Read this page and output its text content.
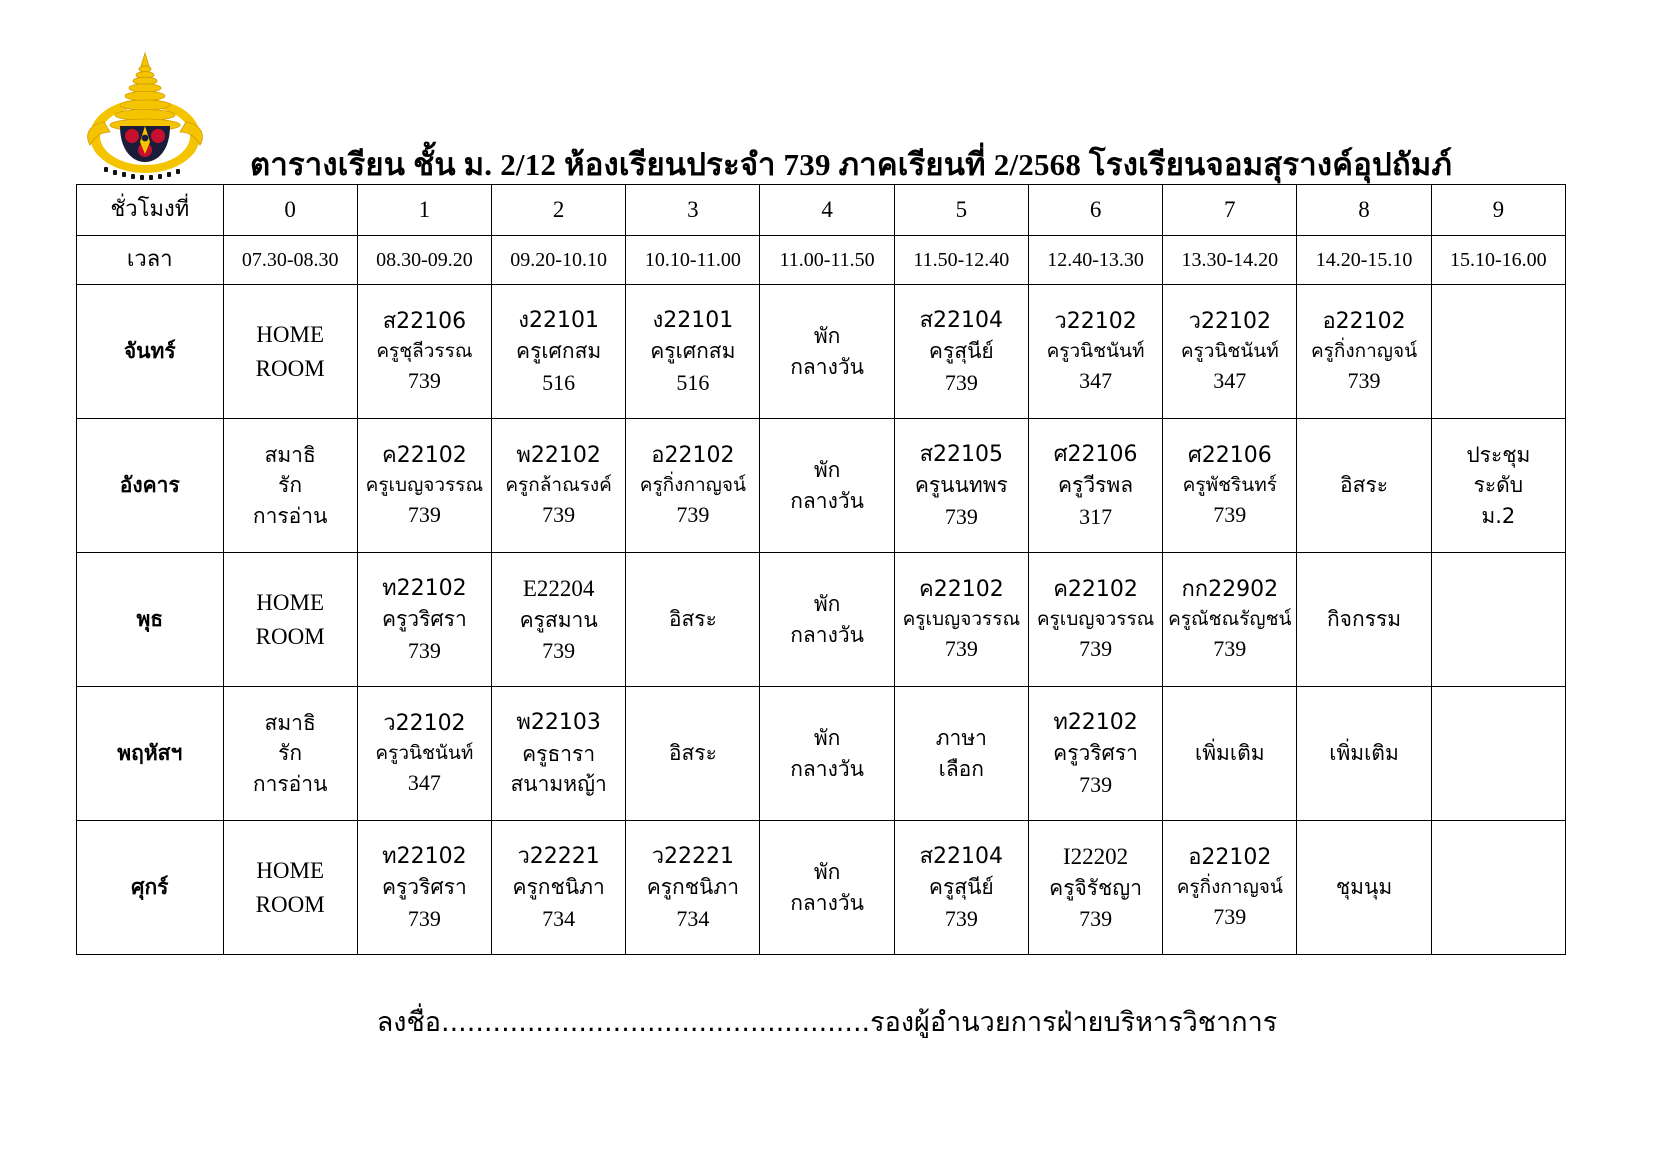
ตารางเรียน ชั้น ม. 2/12 ห้องเรียนประจำ 739 ภาคเรียนที่ 2/2568 โรงเรียนจอมสุรางค์อุปถัมภ์
ชั่วโมงที่	0	1	2	3	4	5	6	7	8	9
เวลา	07.30-08.30	08.30-09.20	09.20-10.10	10.10-11.00	11.00-11.50	11.50-12.40	12.40-13.30	13.30-14.20	14.20-15.10	15.10-16.00
จันทร์	HOME
ROOM	ส22106
ครูชุลีวรรณ
739	ง22101
ครูเศกสม
516	ง22101
ครูเศกสม
516	พัก
กลางวัน	ส22104
ครูสุนีย์
739	ว22102
ครูวนิชนันท์
347	ว22102
ครูวนิชนันท์
347	อ22102
ครูกิ่งกาญจน์
739	

อังคาร	สมาธิ
รัก
การอ่าน	ค22102
ครูเบญจวรรณ
739	พ22102
ครูกล้าณรงค์
739	อ22102
ครูกิ่งกาญจน์
739	พัก
กลางวัน	ส22105
ครูนนทพร
739	ศ22106
ครูวีรพล
317	ศ22106
ครูพัชรินทร์
739	อิสระ	ประชุม
ระดับ
ม.2

พุธ	HOME
ROOM	ท22102
ครูวริศรา
739	E22204
ครูสมาน
739	อิสระ	พัก
กลางวัน	ค22102
ครูเบญจวรรณ
739	ค22102
ครูเบญจวรรณ
739	กก22902
ครูณัชณรัญชน์
739	กิจกรรม	

พฤหัสฯ	สมาธิ
รัก
การอ่าน	ว22102
ครูวนิชนันท์
347	พ22103
ครูธารา
สนามหญ้า	อิสระ	พัก
กลางวัน	ภาษา
เลือก	ท22102
ครูวริศรา
739	เพิ่มเติม	เพิ่มเติม	

ศุกร์	HOME
ROOM	ท22102
ครูวริศรา
739	ว22221
ครูกชนิภา
734	ว22221
ครูกชนิภา
734	พัก
กลางวัน	ส22104
ครูสุนีย์
739	I22202
ครูจิรัชญา
739	อ22102
ครูกิ่งกาญจน์
739	ชุมนุม	

ลงชื่อ..................................................รองผู้อำนวยการฝ่ายบริหารวิชาการ
